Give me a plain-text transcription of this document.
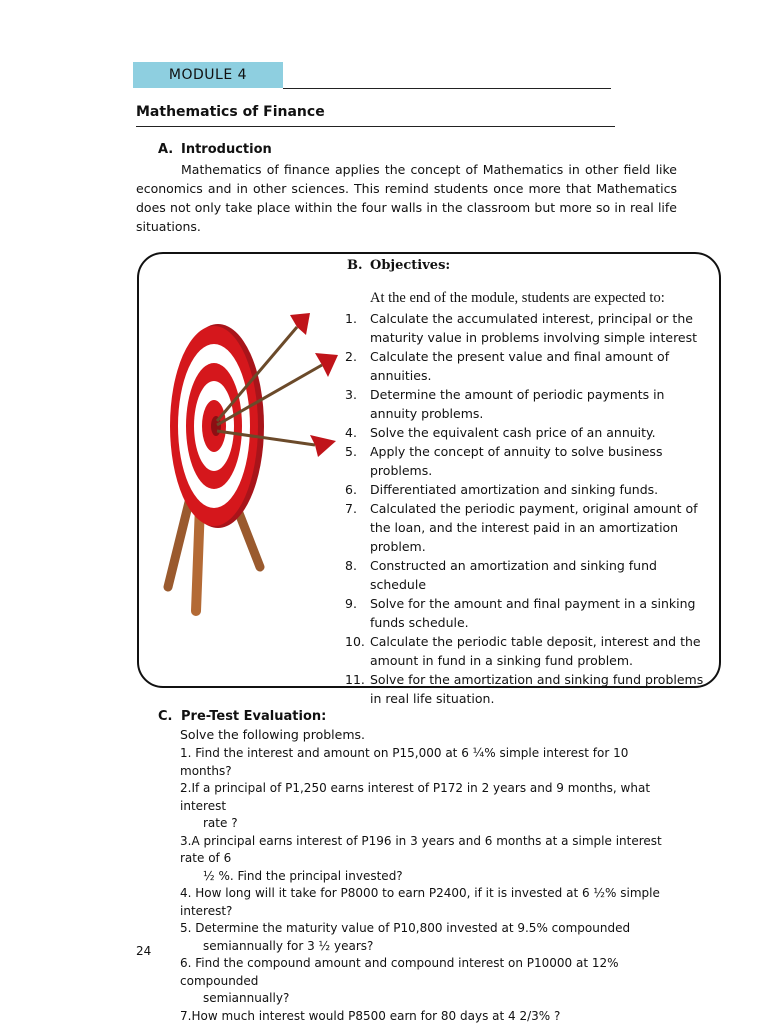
MODULE 4
Mathematics of Finance
A. Introduction
Mathematics of finance applies the concept of Mathematics in other field like economics and in other sciences. This remind students once more that Mathematics does not only take place within the four walls in the classroom but more so in real life situations.
B. Objectives:
At the end of the module, students are expected to:
1. Calculate the accumulated interest, principal or the maturity value in problems involving simple interest
2. Calculate the present value and final amount of annuities.
3. Determine the amount of periodic payments in annuity problems.
4. Solve the equivalent cash price of an annuity.
5. Apply the concept of annuity to solve business problems.
6. Differentiated amortization and sinking funds.
7. Calculated the periodic payment, original amount of the loan, and the interest paid in an amortization problem.
8. Constructed an amortization and sinking fund schedule
9. Solve for the amount and final payment in a sinking funds schedule.
10. Calculate the periodic table deposit, interest and the amount in fund in a sinking fund problem.
11. Solve for the amortization and sinking fund problems in real life situation.
C. Pre-Test Evaluation:
Solve the following problems.
1. Find the interest and amount on P15,000 at 6 ¼% simple interest for 10 months?
2.If a principal of P1,250 earns interest of P172 in 2 years and 9 months, what interest
rate ?
3.A principal earns interest of P196 in 3 years and 6 months at a simple interest rate of 6
½ %. Find the principal invested?
4. How long will it take for P8000 to earn P2400, if it is invested at 6 ½% simple interest?
5. Determine the maturity value of P10,800 invested at 9.5% compounded
semiannually for 3 ½ years?
6. Find the compound amount and compound interest on P10000 at 12% compounded
semiannually?
7.How much interest would P8500 earn for 80 days at 4 2/3% ?
24
